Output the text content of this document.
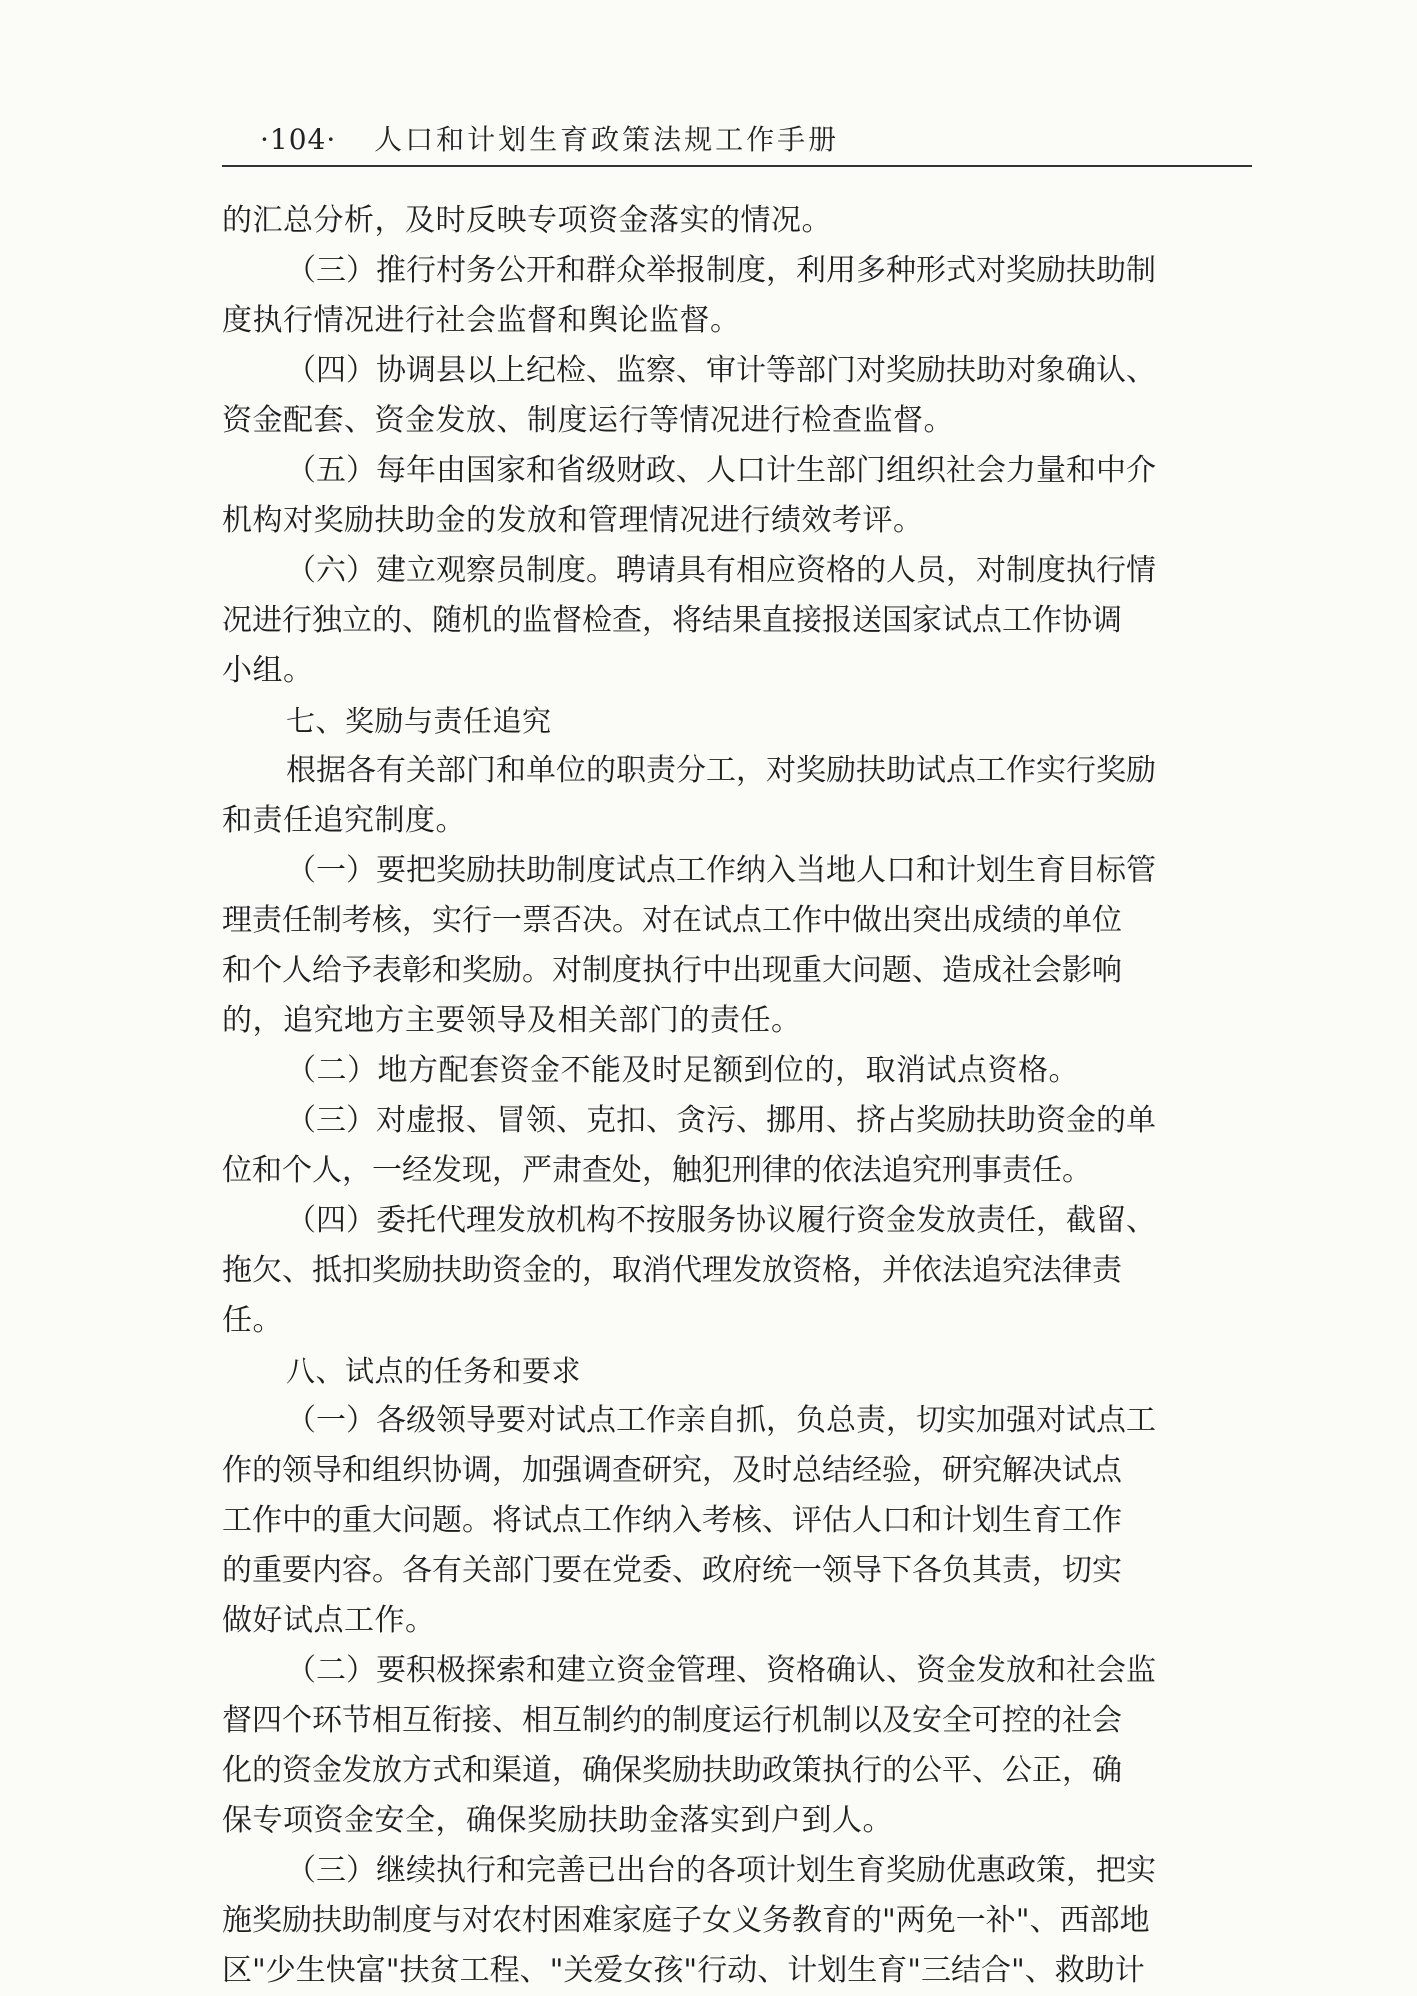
·104· 人口和计划生育政策法规工作手册
的汇总分析，及时反映专项资金落实的情况。
（三）推行村务公开和群众举报制度，利用多种形式对奖励扶助制
度执行情况进行社会监督和舆论监督。
（四）协调县以上纪检、监察、审计等部门对奖励扶助对象确认、
资金配套、资金发放、制度运行等情况进行检查监督。
（五）每年由国家和省级财政、人口计生部门组织社会力量和中介
机构对奖励扶助金的发放和管理情况进行绩效考评。
（六）建立观察员制度。聘请具有相应资格的人员，对制度执行情
况进行独立的、随机的监督检查，将结果直接报送国家试点工作协调
小组。
七、奖励与责任追究
根据各有关部门和单位的职责分工，对奖励扶助试点工作实行奖励
和责任追究制度。
（一）要把奖励扶助制度试点工作纳入当地人口和计划生育目标管
理责任制考核，实行一票否决。对在试点工作中做出突出成绩的单位
和个人给予表彰和奖励。对制度执行中出现重大问题、造成社会影响
的，追究地方主要领导及相关部门的责任。
（二）地方配套资金不能及时足额到位的，取消试点资格。
（三）对虚报、冒领、克扣、贪污、挪用、挤占奖励扶助资金的单
位和个人，一经发现，严肃查处，触犯刑律的依法追究刑事责任。
（四）委托代理发放机构不按服务协议履行资金发放责任，截留、
拖欠、抵扣奖励扶助资金的，取消代理发放资格，并依法追究法律责
任。
八、试点的任务和要求
（一）各级领导要对试点工作亲自抓，负总责，切实加强对试点工
作的领导和组织协调，加强调查研究，及时总结经验，研究解决试点
工作中的重大问题。将试点工作纳入考核、评估人口和计划生育工作
的重要内容。各有关部门要在党委、政府统一领导下各负其责，切实
做好试点工作。
（二）要积极探索和建立资金管理、资格确认、资金发放和社会监
督四个环节相互衔接、相互制约的制度运行机制以及安全可控的社会
化的资金发放方式和渠道，确保奖励扶助政策执行的公平、公正，确
保专项资金安全，确保奖励扶助金落实到户到人。
（三）继续执行和完善已出台的各项计划生育奖励优惠政策，把实
施奖励扶助制度与对农村困难家庭子女义务教育的"两免一补"、西部地
区"少生快富"扶贫工程、"关爱女孩"行动、计划生育"三结合"、救助计
